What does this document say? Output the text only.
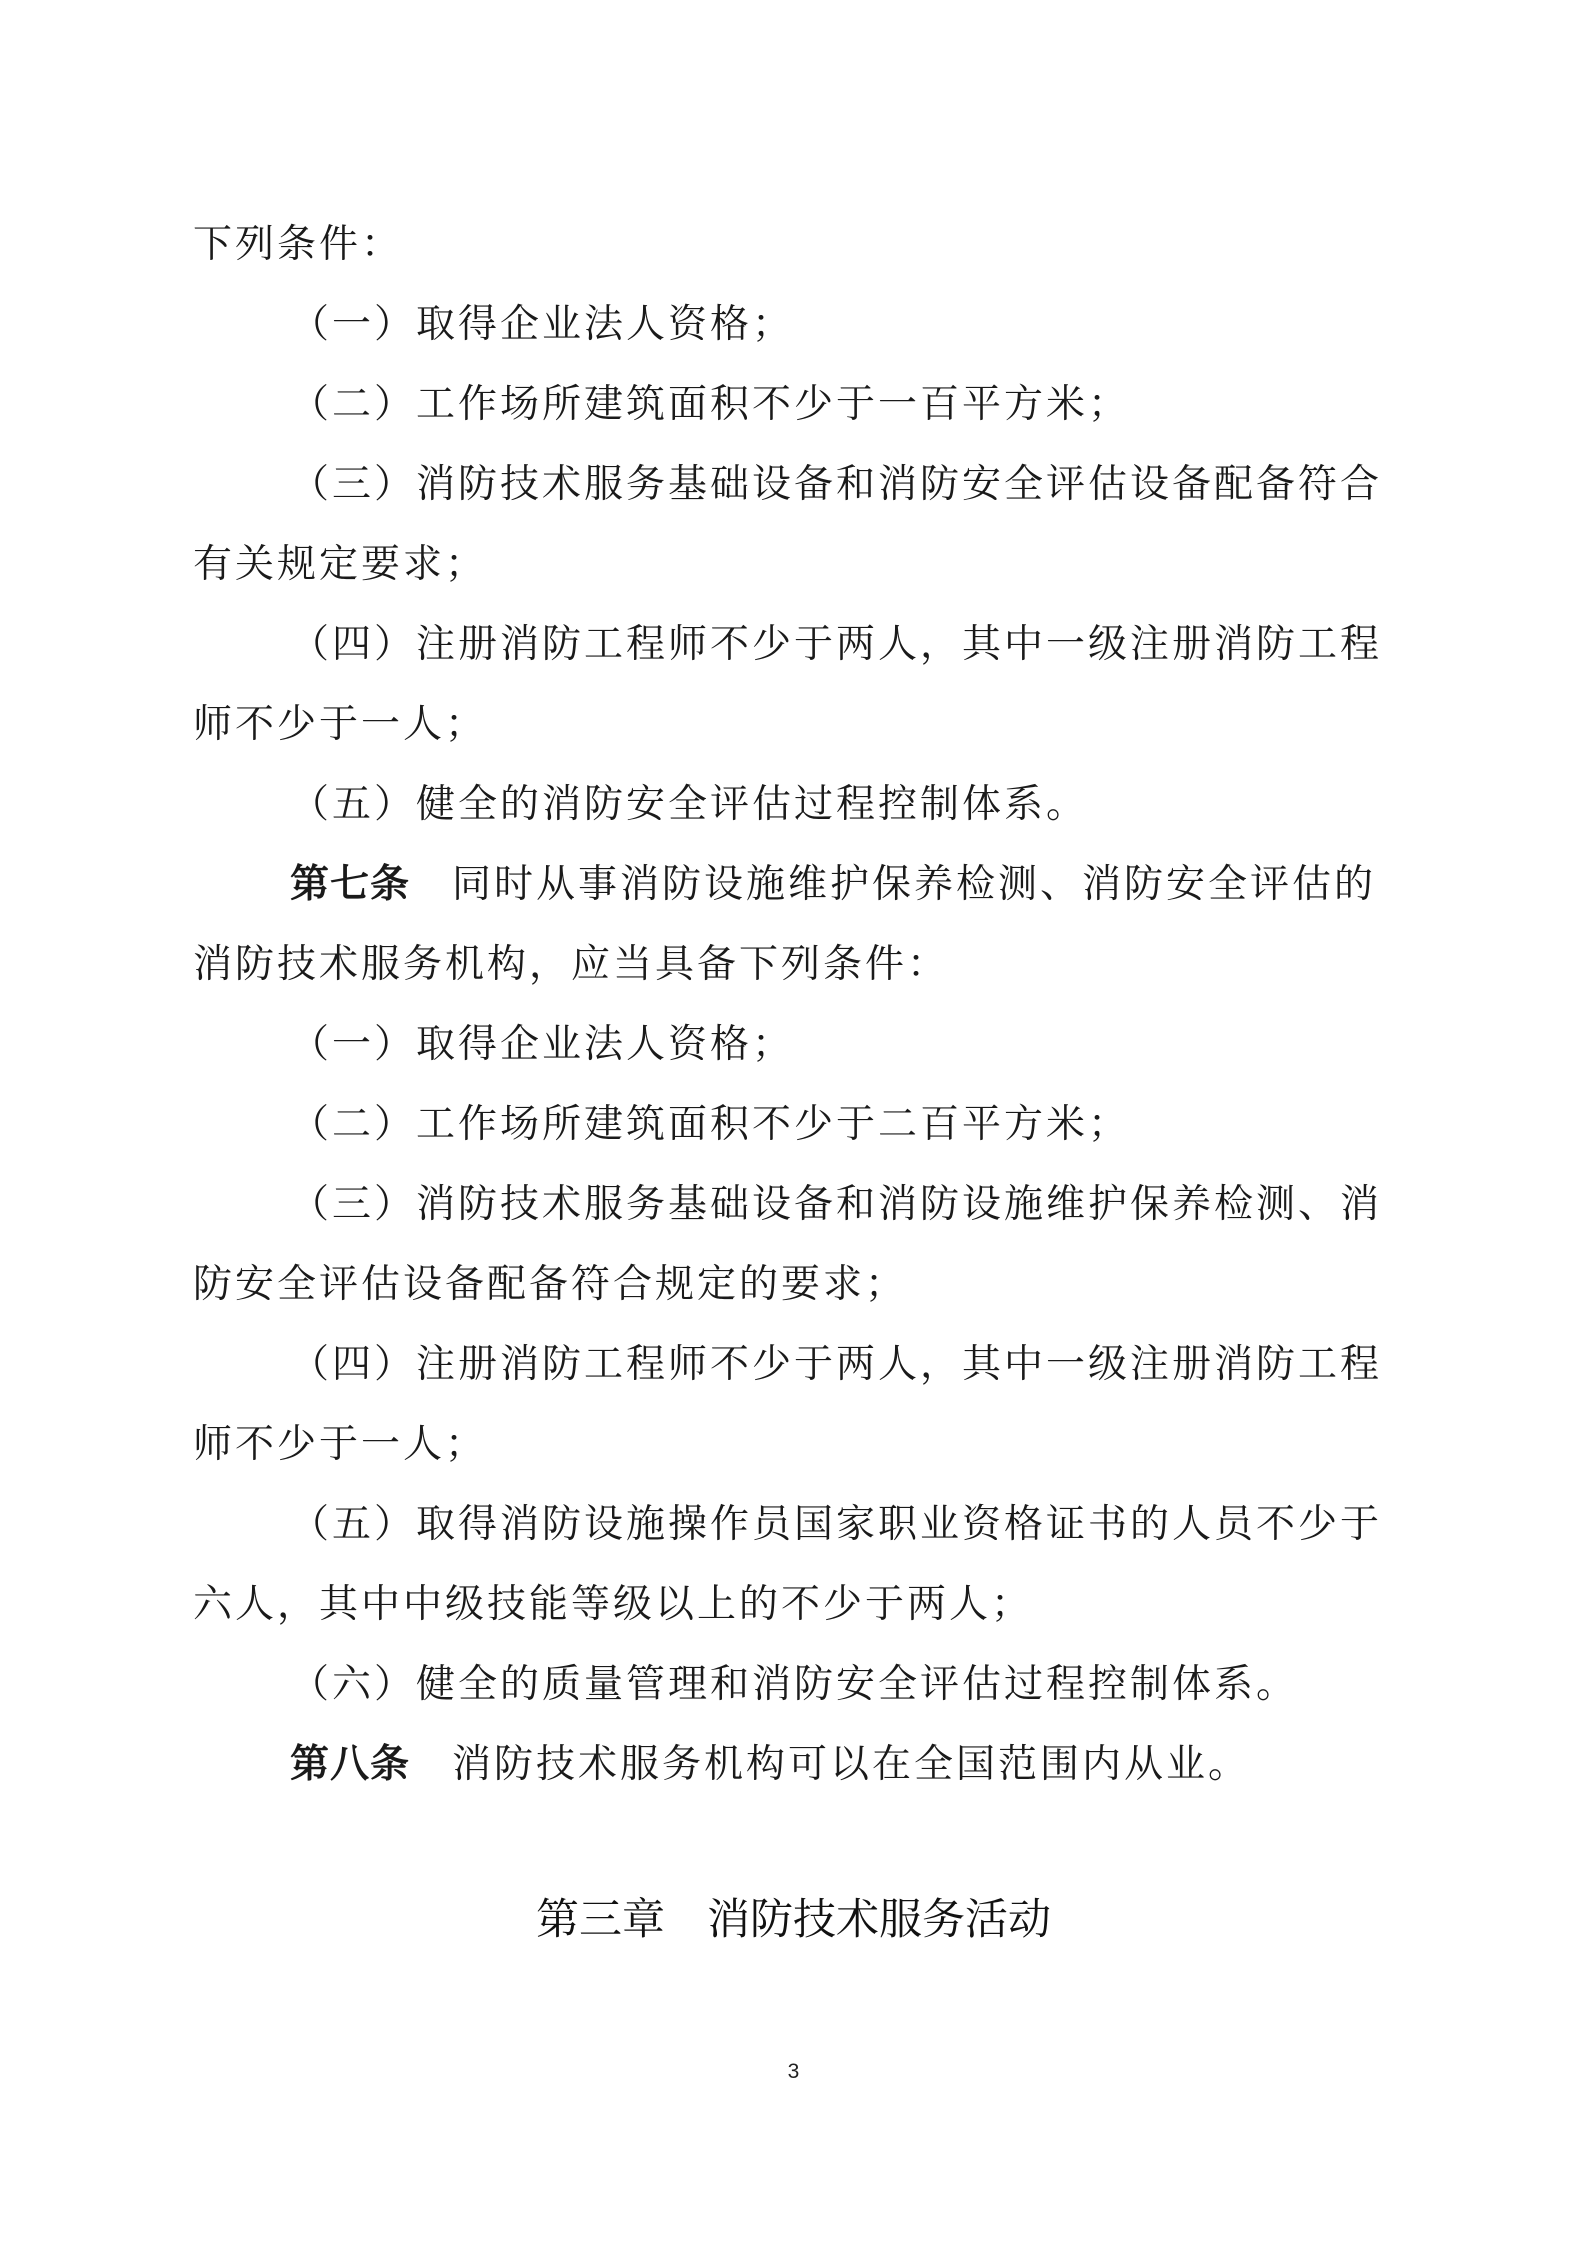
下列条件：
（一）取得企业法人资格；
（二）工作场所建筑面积不少于一百平方米；
（三）消防技术服务基础设备和消防安全评估设备配备符合
有关规定要求；
（四）注册消防工程师不少于两人，其中一级注册消防工程
师不少于一人；
（五）健全的消防安全评估过程控制体系。
第七条 同时从事消防设施维护保养检测、消防安全评估的
消防技术服务机构，应当具备下列条件：
（一）取得企业法人资格；
（二）工作场所建筑面积不少于二百平方米；
（三）消防技术服务基础设备和消防设施维护保养检测、消
防安全评估设备配备符合规定的要求；
（四）注册消防工程师不少于两人，其中一级注册消防工程
师不少于一人；
（五）取得消防设施操作员国家职业资格证书的人员不少于
六人，其中中级技能等级以上的不少于两人；
（六）健全的质量管理和消防安全评估过程控制体系。
第八条 消防技术服务机构可以在全国范围内从业。
第三章 消防技术服务活动
3
